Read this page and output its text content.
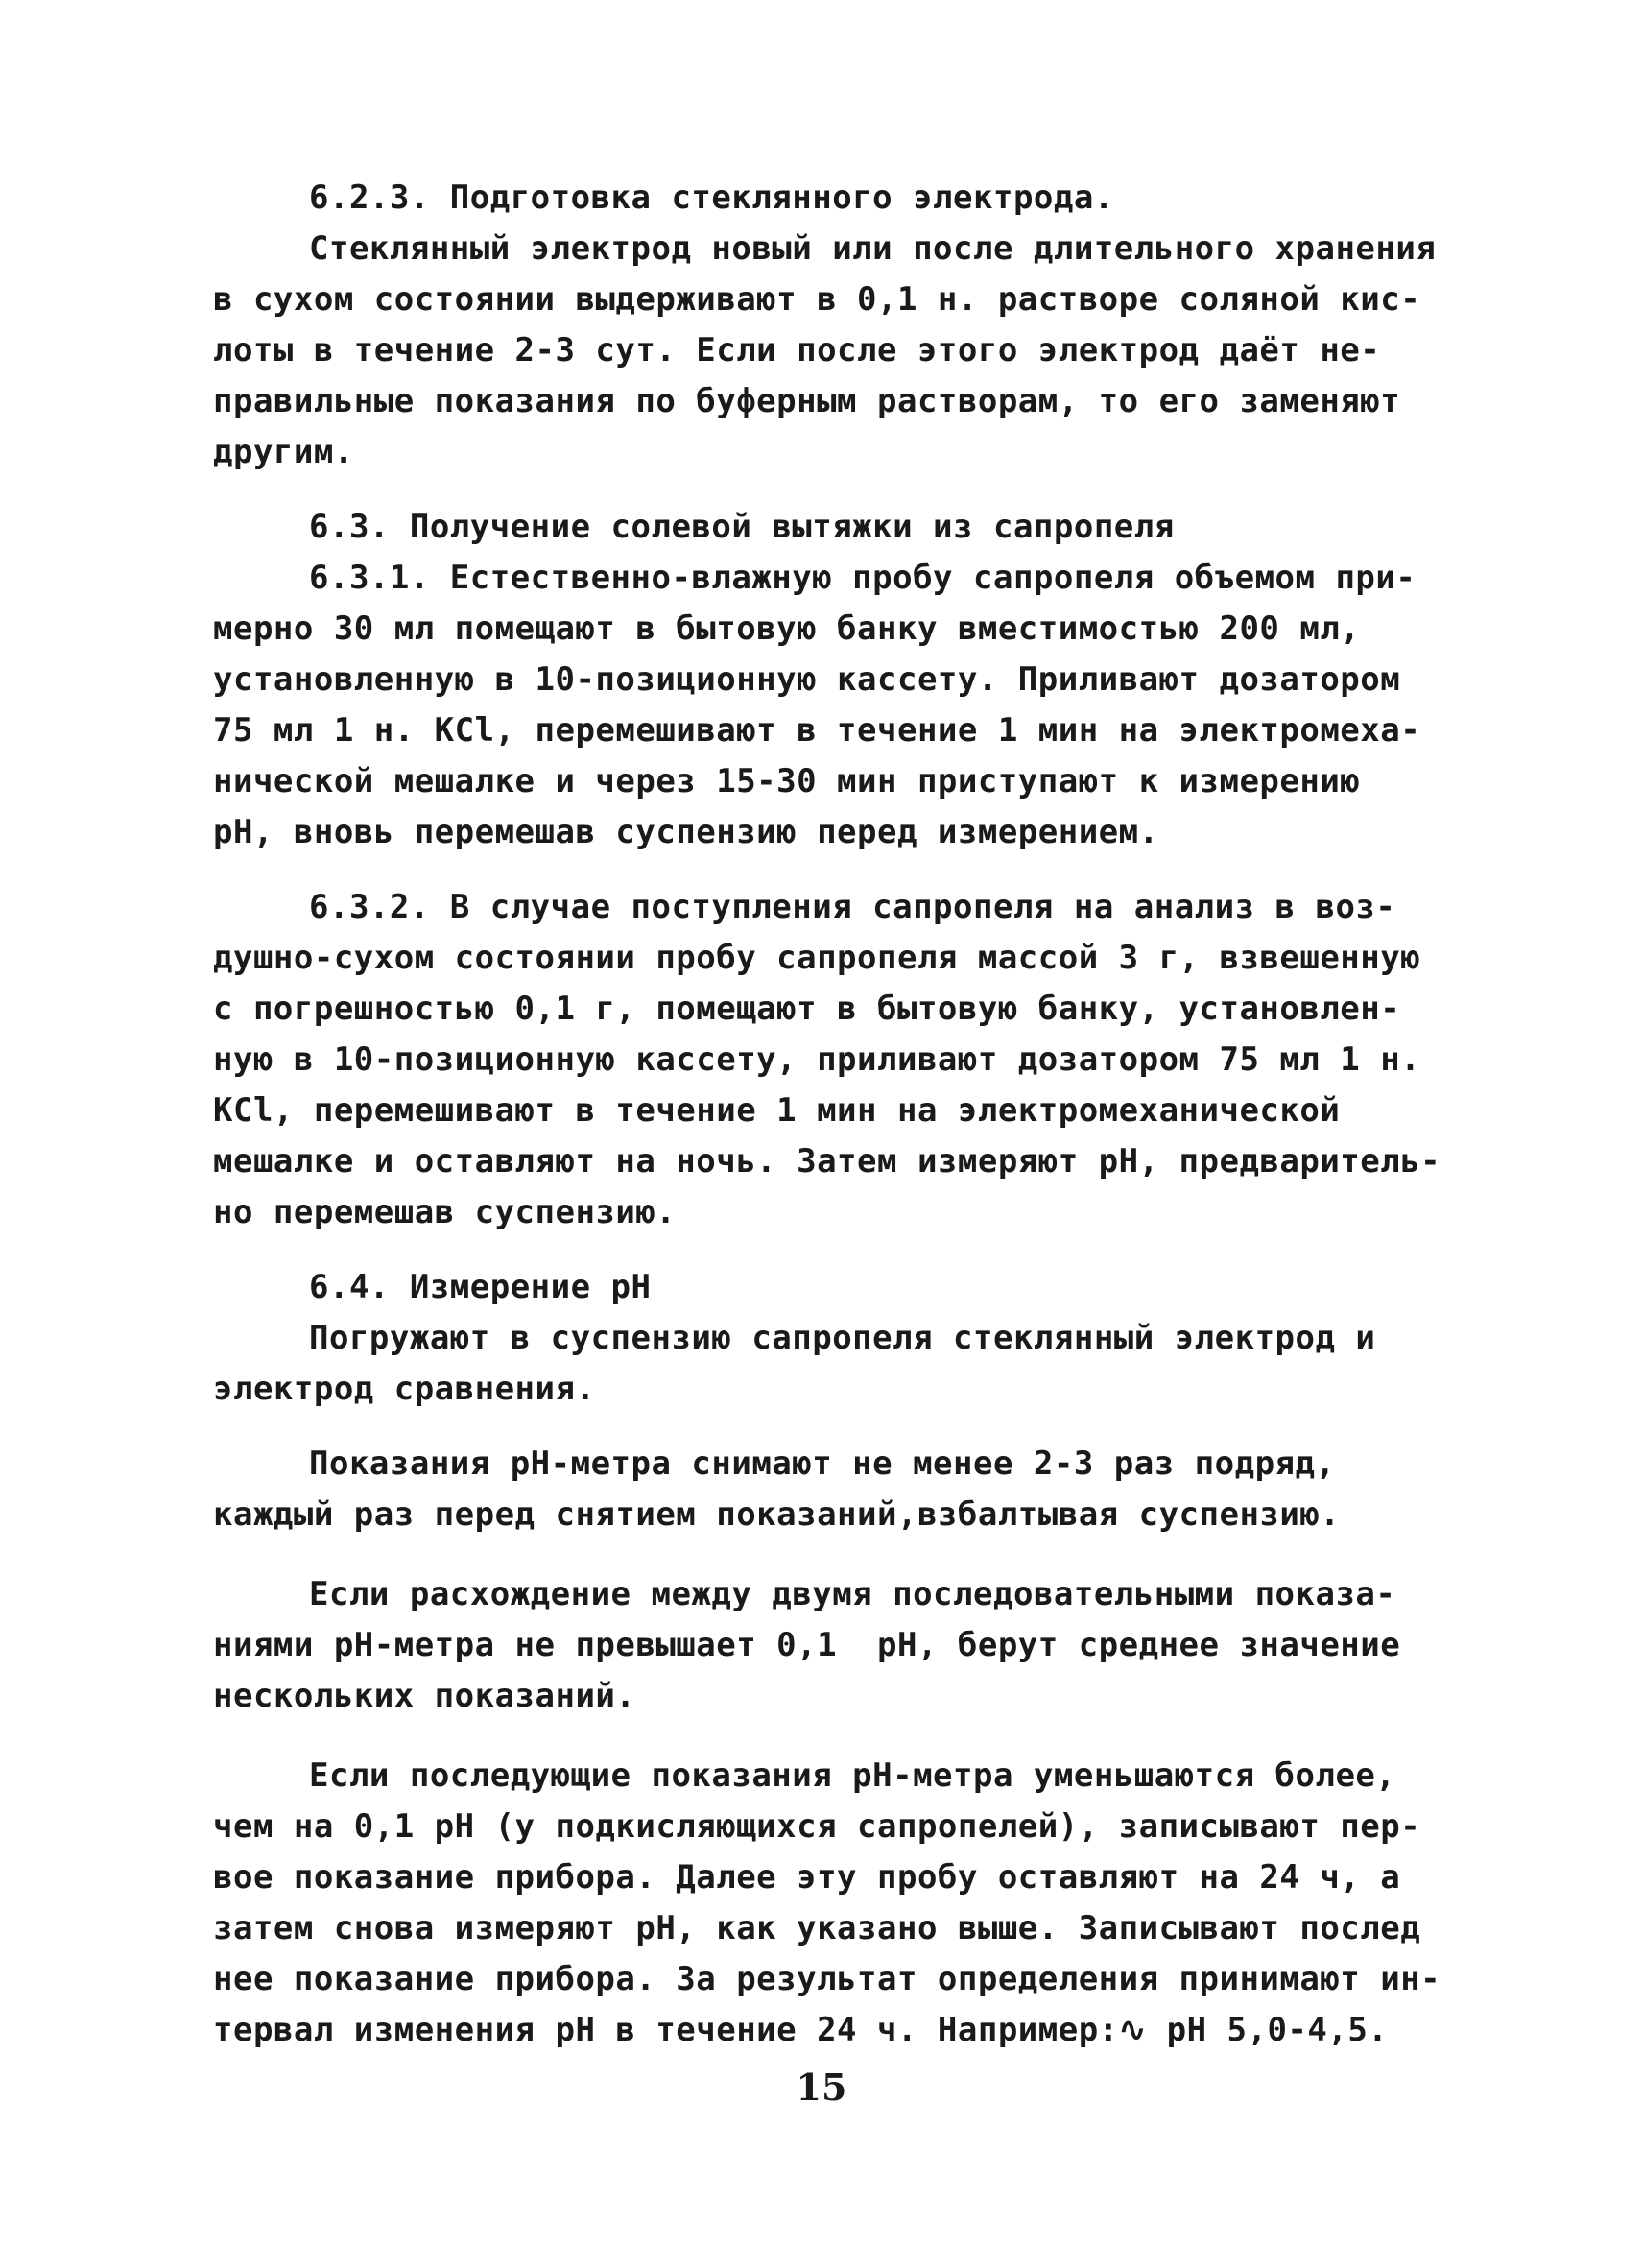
6.2.3. Подготовка стеклянного электрода.

Стеклянный электрод новый или после длительного хранения

в сухом состоянии выдерживают в 0,1 н. растворе соляной кис-

лоты в течение 2-3 сут. Если после этого электрод даёт не-

правильные показания по буферным растворам, то его заменяют

другим.

6.3. Получение солевой вытяжки из сапропеля

6.3.1. Естественно-влажную пробу сапропеля объемом при-

мерно 30 мл помещают в бытовую банку вместимостью 200 мл,

установленную в 10-позиционную кассету. Приливают дозатором

75 мл 1 н. KCl, перемешивают в течение 1 мин на электромеха-

нической мешалке и через 15-30 мин приступают к измерению

pH, вновь перемешав суспензию перед измерением.

6.3.2. В случае поступления сапропеля на анализ в воз-

душно-сухом состоянии пробу сапропеля массой 3 г, взвешенную

с погрешностью 0,1 г, помещают в бытовую банку, установлен-

ную в 10-позиционную кассету, приливают дозатором 75 мл 1 н.

KCl, перемешивают в течение 1 мин на электромеханической

мешалке и оставляют на ночь. Затем измеряют pH, предваритель-

но перемешав суспензию.

6.4. Измерение pH

Погружают в суспензию сапропеля стеклянный электрод и

электрод сравнения.

Показания pH-метра снимают не менее 2-3 раз подряд,

каждый раз перед снятием показаний,взбалтывая суспензию.

Если расхождение между двумя последовательными показа-

ниями pH-метра не превышает 0,1  pH, берут среднее значение

нескольких показаний.

Если последующие показания pH-метра уменьшаются более,

чем на 0,1 pH (у подкисляющихся сапропелей), записывают пер-

вое показание прибора. Далее эту пробу оставляют на 24 ч, а

затем снова измеряют pH, как указано выше. Записывают послед

нее показание прибора. За результат определения принимают ин-

тервал изменения pH в течение 24 ч. Например:∿ pH 5,0-4,5.

15
